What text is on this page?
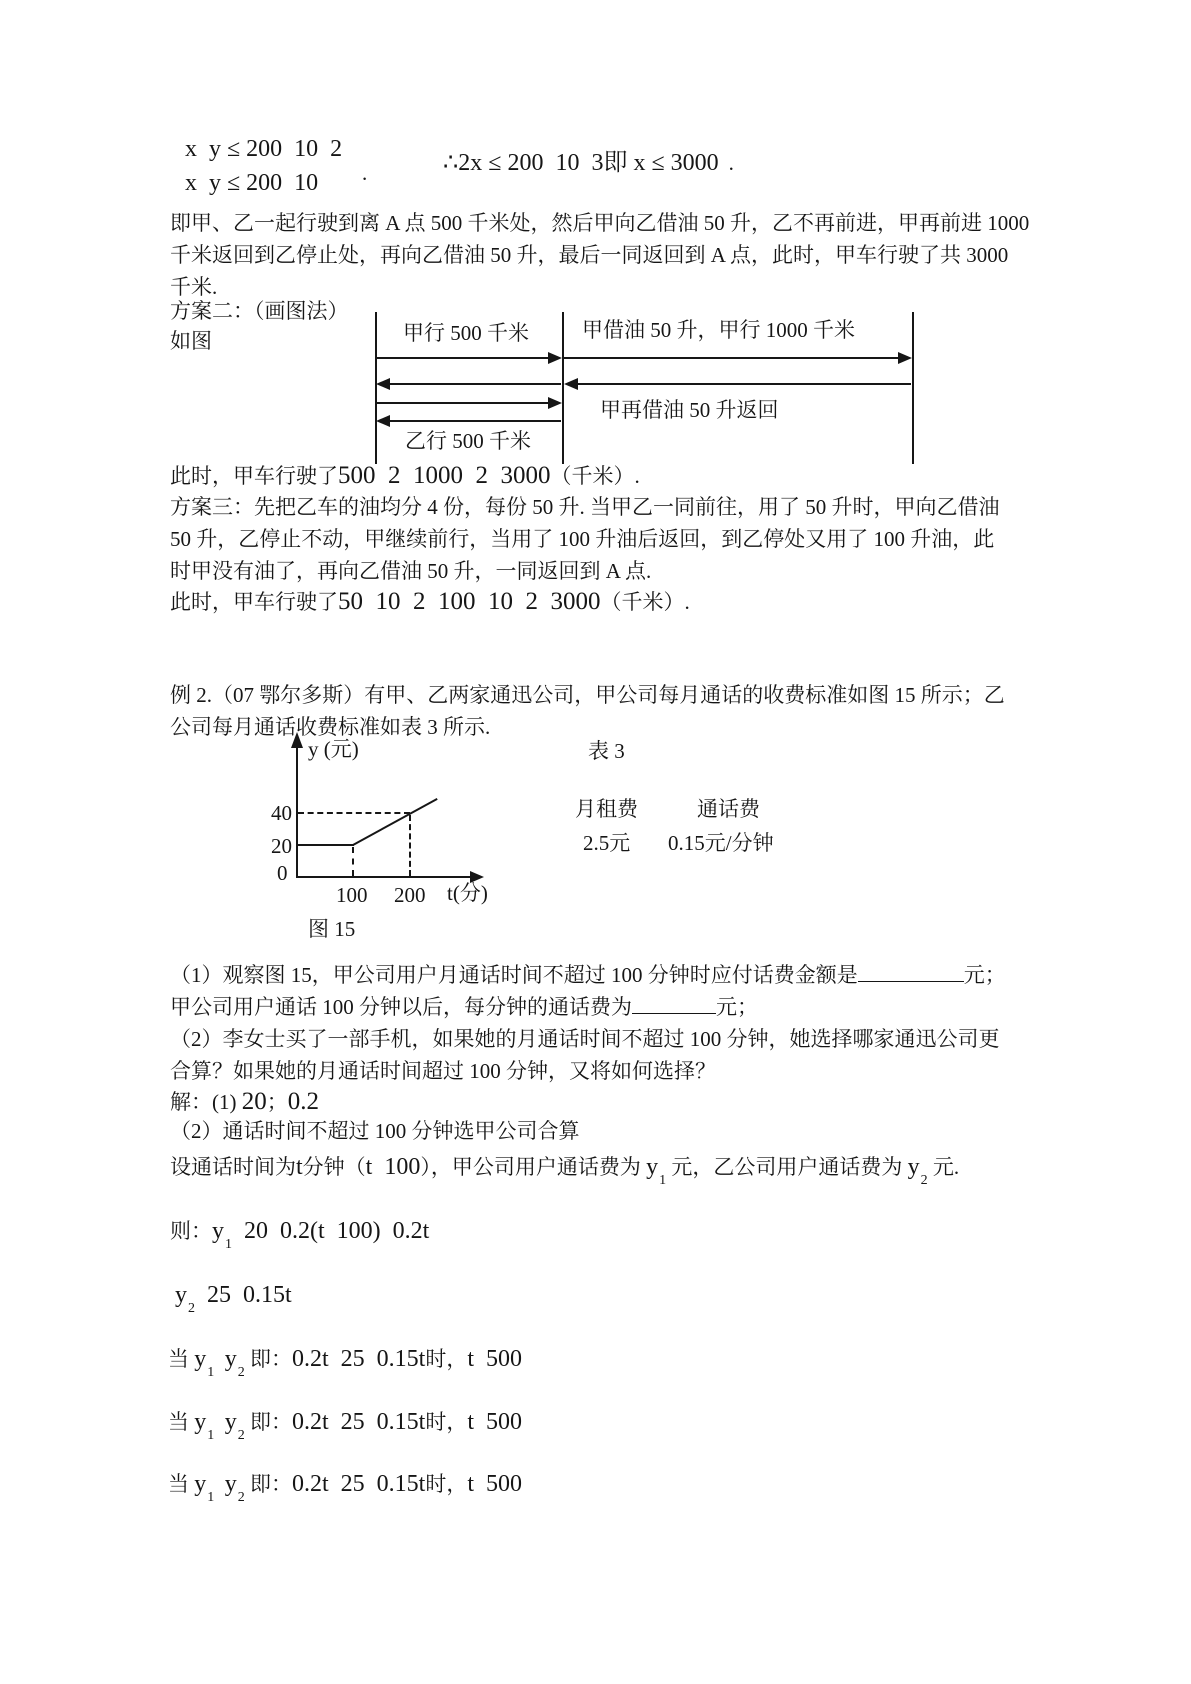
x  y ≤ 200  10  2
x  y ≤ 200  10 .	∴2x ≤ 200  10  3即 x ≤ 3000 .
即甲、乙一起行驶到离 A 点 500 千米处，然后甲向乙借油 50 升，乙不再前进，甲再前进 1000
千米返回到乙停止处，再向乙借油 50 升，最后一同返回到 A 点，此时，甲车行驶了共 3000
千米.
方案二：（画图法）
如图	甲行 500 千米	甲借油 50 升，甲行 1000 千米
甲再借油 50 升返回
乙行 500 千米
此时，甲车行驶了500  2  1000  2  3000（千米）.
方案三：先把乙车的油均分 4 份，每份 50 升. 当甲乙一同前往，用了 50 升时，甲向乙借油
50 升，乙停止不动，甲继续前行，当用了 100 升油后返回，到乙停处又用了 100 升油，此
时甲没有油了，再向乙借油 50 升，一同返回到 A 点.
此时，甲车行驶了50  10  2  100  10  2  3000（千米）.
例 2.（07 鄂尔多斯）有甲、乙两家通迅公司，甲公司每月通话的收费标准如图 15 所示；乙
公司每月通话收费标准如表 3 所示.
y (元)
40
20
0
100 200 t(分)
图 15
表 3
月租费	通话费
2.5元 0.15元/分钟
（1）观察图 15，甲公司用户月通话时间不超过 100 分钟时应付话费金额是	元；
甲公司用户通话 100 分钟以后，每分钟的通话费为	元；
（2）李女士买了一部手机，如果她的月通话时间不超过 100 分钟，她选择哪家通迅公司更
合算？如果她的月通话时间超过 100 分钟，又将如何选择？
解：(1) 20；0.2
（2）通话时间不超过 100 分钟选甲公司合算
设通话时间为t分钟（t  100），甲公司用户通话费为 $y_1$ 元，乙公司用户通话费为 $y_2$ 元.
则：$y_1$  20  0.2(t  100)  0.2t
$y_2$  25  0.15t
当 $y_1$  $y_2$ 即：0.2t  25  0.15t时，t  500
当 $y_1$  $y_2$ 即：0.2t  25  0.15t时，t  500
当 $y_1$  $y_2$ 即：0.2t  25  0.15t时，t  500
